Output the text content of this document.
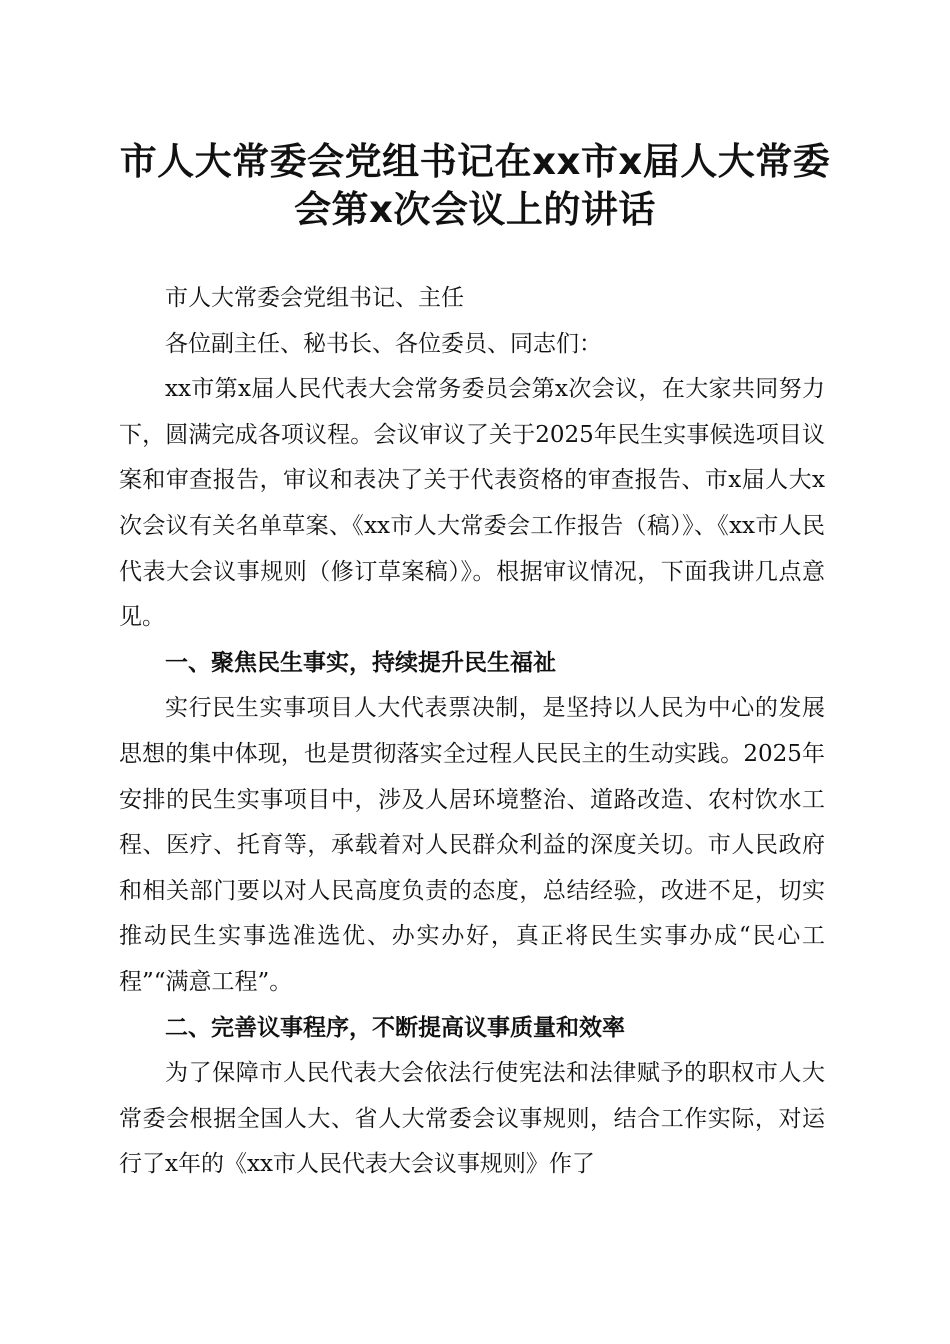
市人大常委会党组书记在xx市x届人大常委
会第x次会议上的讲话

市人大常委会党组书记、主任

各位副主任、秘书长、各位委员、同志们：

xx市第x届人民代表大会常务委员会第x次会议，在大家共同努力下，圆满完成各项议程。会议审议了关于2025年民生实事候选项目议案和审查报告，审议和表决了关于代表资格的审查报告、市x届人大x次会议有关名单草案、《xx市人大常委会工作报告（稿）》、《xx市人民代表大会议事规则（修订草案稿）》。根据审议情况，下面我讲几点意见。

一、聚焦民生事实，持续提升民生福祉

实行民生实事项目人大代表票决制，是坚持以人民为中心的发展思想的集中体现，也是贯彻落实全过程人民民主的生动实践。2025年安排的民生实事项目中，涉及人居环境整治、道路改造、农村饮水工程、医疗、托育等，承载着对人民群众利益的深度关切。市人民政府和相关部门要以对人民高度负责的态度，总结经验，改进不足，切实推动民生实事选准选优、办实办好，真正将民生实事办成“民心工程”“满意工程”。

二、完善议事程序，不断提高议事质量和效率

为了保障市人民代表大会依法行使宪法和法律赋予的职权市人大常委会根据全国人大、省人大常委会议事规则，结合工作实际，对运行了x年的《xx市人民代表大会议事规则》作了
